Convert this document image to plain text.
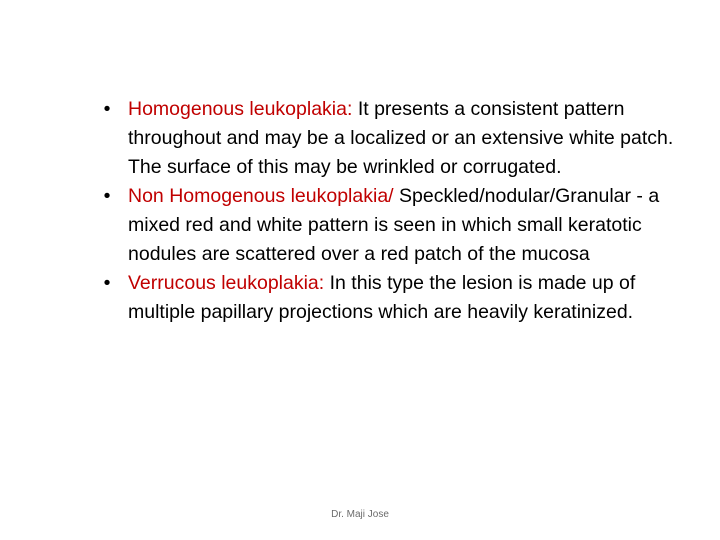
• Homogenous leukoplakia: It presents a consistent pattern throughout and may be a localized or an extensive white patch. The surface of this may be wrinkled or corrugated.
• Non Homogenous leukoplakia/ Speckled/nodular/Granular - a mixed red and white pattern is seen in which small keratotic nodules are scattered over a red patch of the mucosa
• Verrucous leukoplakia: In this type the lesion is made up of multiple papillary projections which are heavily keratinized.
Dr. Maji Jose
